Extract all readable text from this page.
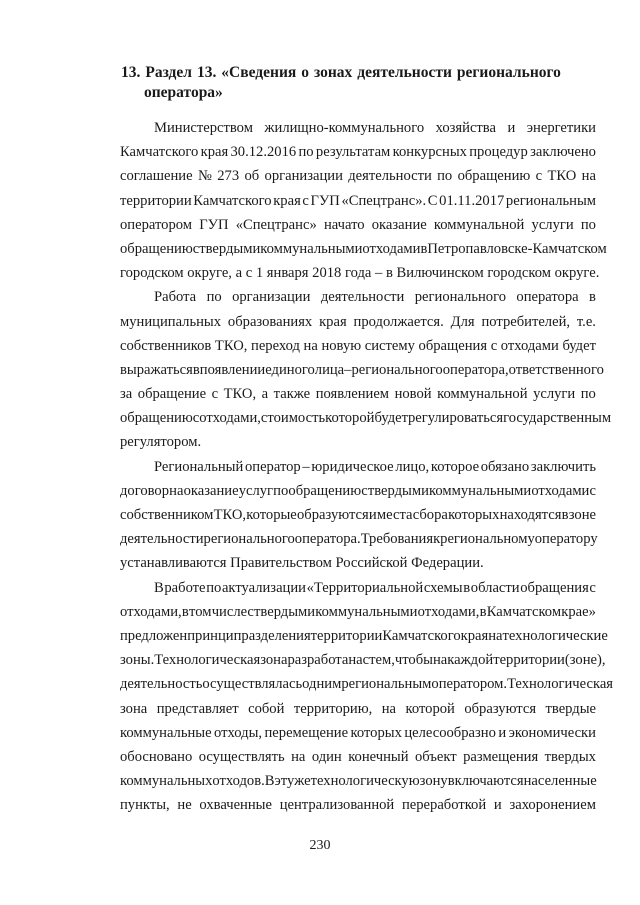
13. Раздел 13. «Сведения о зонах деятельности регионального
оператора»
Министерством жилищно-коммунального хозяйства и энергетики
Камчатского края 30.12.2016 по результатам конкурсных процедур заключено
соглашение № 273 об организации деятельности по обращению с ТКО на
территории Камчатского края с ГУП «Спецтранс». С 01.11.2017 региональным
оператором ГУП «Спецтранс» начато оказание коммунальной услуги по
обращению с твердыми коммунальными отходами в Петропавловске-Камчатском
городском округе, а с 1 января 2018 года – в Вилючинском городском округе.
Работа по организации деятельности регионального оператора в
муниципальных образованиях края продолжается. Для потребителей, т.е.
собственников ТКО, переход на новую систему обращения с отходами будет
выражаться в появлении единого лица – регионального оператора, ответственного
за обращение с ТКО, а также появлением новой коммунальной услуги по
обращению с отходами, стоимость которой будет регулироваться государственным
регулятором.
Региональный оператор – юридическое лицо, которое обязано заключить
договор на оказание услуг по обращению с твердыми коммунальными отходами с
собственником ТКО, которые образуются и места сбора которых находятся в зоне
деятельности регионального оператора. Требования к региональному оператору
устанавливаются Правительством Российской Федерации.
В работе по актуализации «Территориальной схемы в области обращения с
отходами, в том числе с твердыми коммунальными отходами, в Камчатском крае»
предложен принцип разделения территории Камчатского края на технологические
зоны. Технологическая зона разработана с тем, чтобы на каждой территории (зоне),
деятельность осуществлялась одним региональным оператором. Технологическая
зона представляет собой территорию, на которой образуются твердые
коммунальные отходы, перемещение которых целесообразно и экономически
обосновано осуществлять на один конечный объект размещения твердых
коммунальных отходов. В эту же технологическую зону включаются населенные
пункты, не охваченные централизованной переработкой и захоронением
230
